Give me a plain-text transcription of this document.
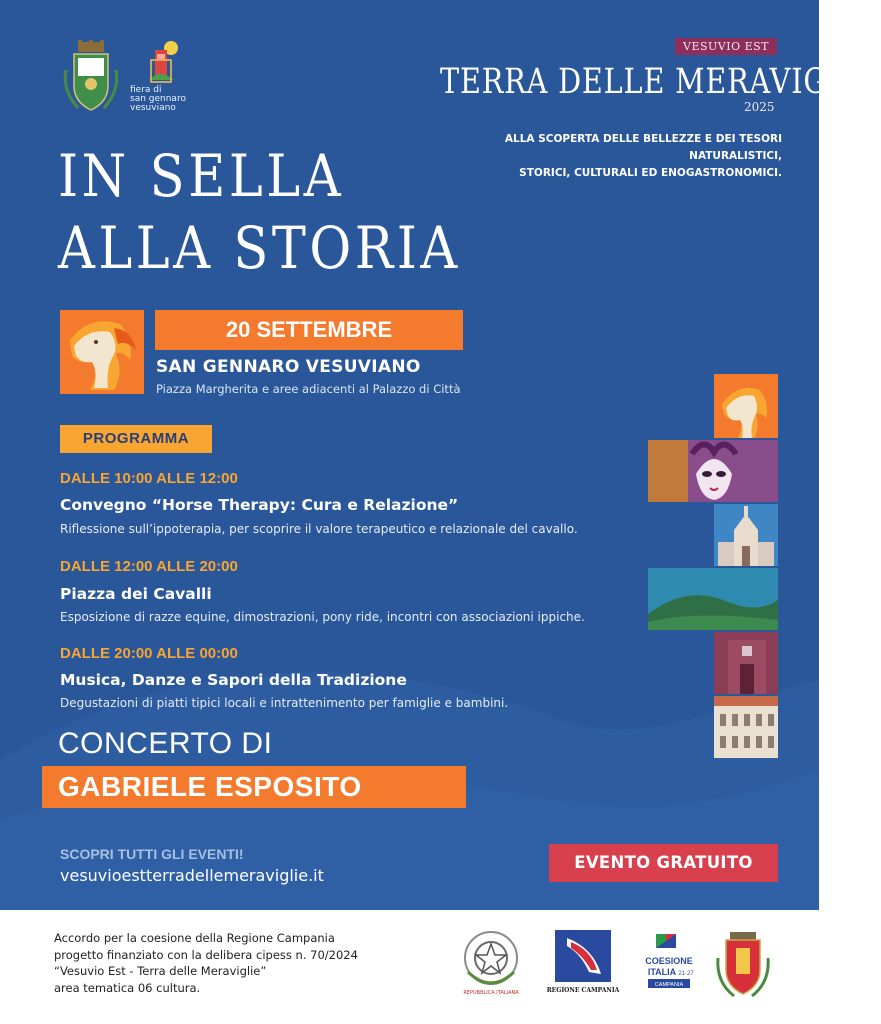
fiera di
san gennaro
vesuviano
VESUVIO EST
TERRA DELLE MERAVIGLIE
2025
ALLA SCOPERTA DELLE BELLEZZE E DEI TESORI NATURALISTICI,
STORICI, CULTURALI ED ENOGASTRONOMICI.
IN SELLA
ALLA STORIA
20 SETTEMBRE
SAN GENNARO VESUVIANO
Piazza Margherita e aree adiacenti al Palazzo di Città
PROGRAMMA
DALLE 10:00 ALLE 12:00
Convegno “Horse Therapy: Cura e Relazione”
Riflessione sull’ippoterapia, per scoprire il valore terapeutico e relazionale del cavallo.
DALLE 12:00 ALLE 20:00
Piazza dei Cavalli
Esposizione di razze equine, dimostrazioni, pony ride, incontri con associazioni ippiche.
DALLE 20:00 ALLE 00:00
Musica, Danze e Sapori della Tradizione
Degustazioni di piatti tipici locali e intrattenimento per famiglie e bambini.
CONCERTO DI
GABRIELE ESPOSITO
SCOPRI TUTTI GLI EVENTI!
vesuvioestterradellemeraviglie.it
EVENTO GRATUITO
Accordo per la coesione della Regione Campania
progetto finanziato con la delibera cipess n. 70/2024
“Vesuvio Est - Terra delle Meraviglie”
area tematica 06 cultura.	REPUBBLICA ITALIANA	REGIONE CAMPANIA
COESIONE
ITALIA 21·27
CAMPANIA
